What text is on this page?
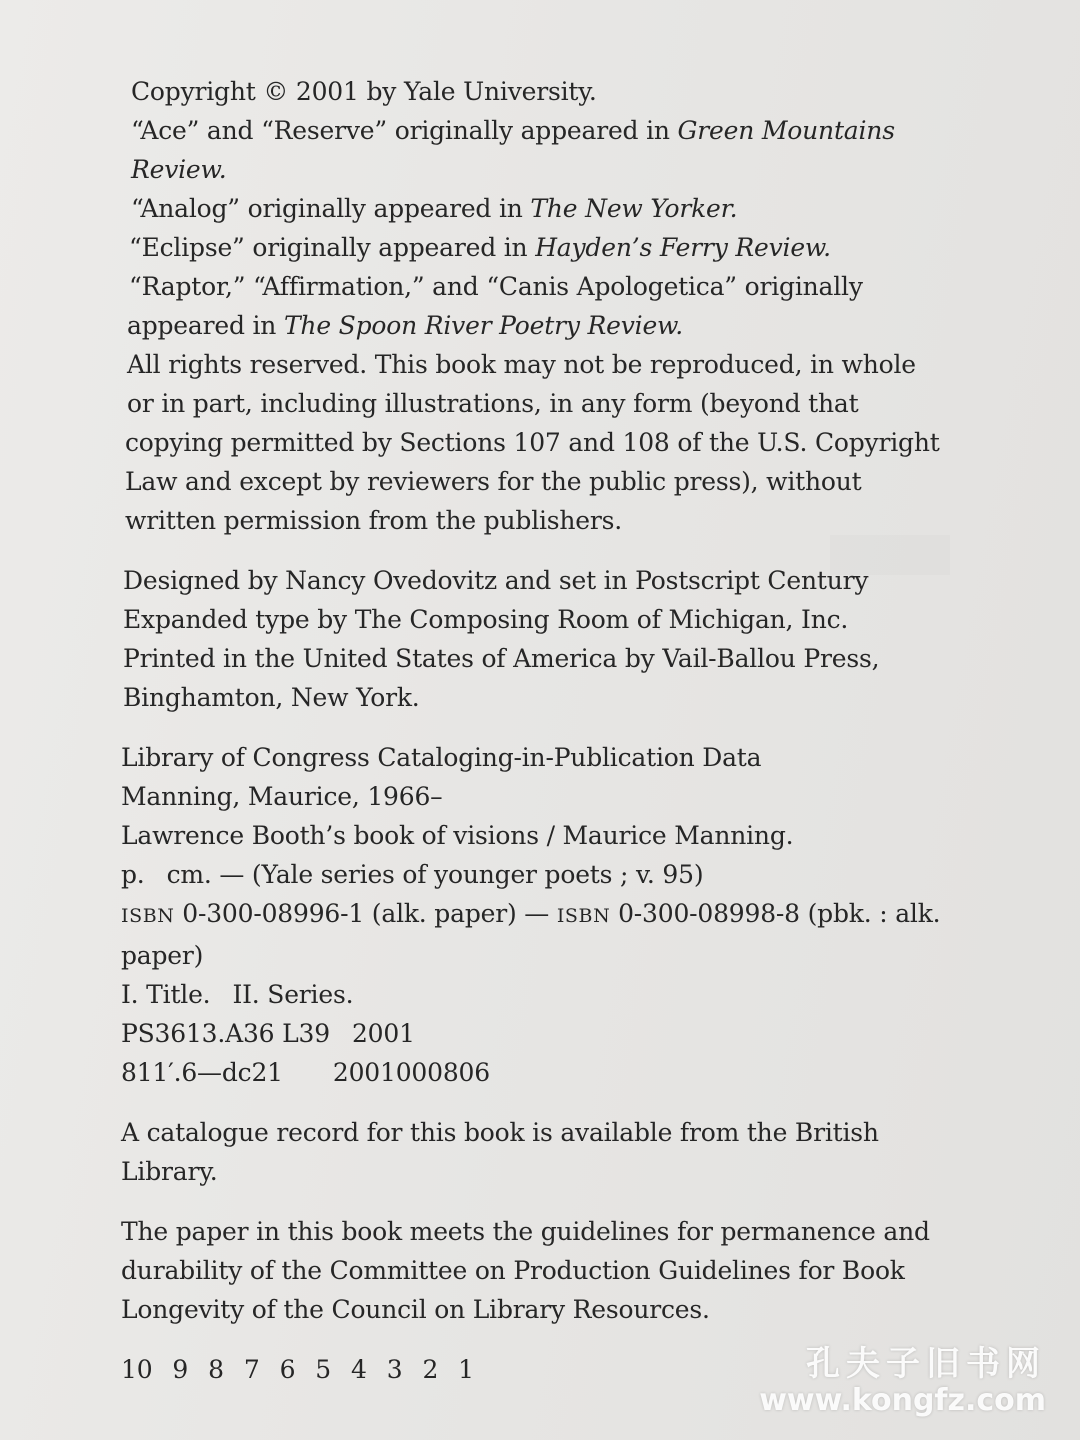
Copyright © 2001 by Yale University.
“Ace” and “Reserve” originally appeared in Green Mountains
Review.
“Analog” originally appeared in The New Yorker.
“Eclipse” originally appeared in Hayden’s Ferry Review.
“Raptor,” “Affirmation,” and “Canis Apologetica” originally
appeared in The Spoon River Poetry Review.
All rights reserved. This book may not be reproduced, in whole
or in part, including illustrations, in any form (beyond that
copying permitted by Sections 107 and 108 of the U.S. Copyright
Law and except by reviewers for the public press), without
written permission from the publishers.
Designed by Nancy Ovedovitz and set in Postscript Century
Expanded type by The Composing Room of Michigan, Inc.
Printed in the United States of America by Vail-Ballou Press,
Binghamton, New York.
Library of Congress Cataloging-in-Publication Data
Manning, Maurice, 1966–
Lawrence Booth’s book of visions / Maurice Manning.
p. cm. — (Yale series of younger poets ; v. 95)
ISBN 0-300-08996-1 (alk. paper) — ISBN 0-300-08998-8 (pbk. : alk.
paper)
I. Title. II. Series.
PS3613.A36 L39 2001
811′.6—dc21 2001000806
A catalogue record for this book is available from the British
Library.
The paper in this book meets the guidelines for permanence and
durability of the Committee on Production Guidelines for Book
Longevity of the Council on Library Resources.
10 9 8 7 6 5 4 3 2 1	孔夫子旧书网
www.kongfz.com
